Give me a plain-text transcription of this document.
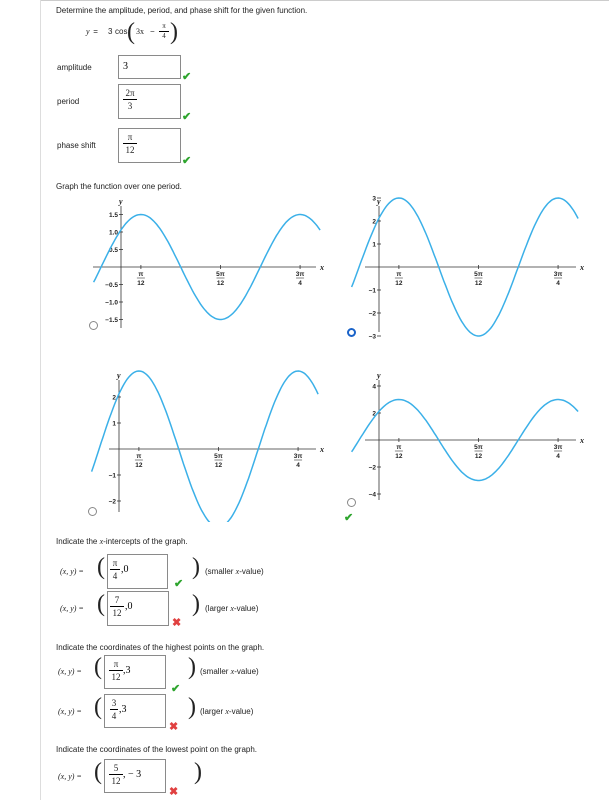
Determine the amplitude, period, and phase shift for the given function.
y = 3 cos ( 3x −
π
4 )
amplitude	3
✔
period
2π
3
✔
phase shift
π
12
✔
Graph the function over one period.
y
x
1.5
1.0
0.5
−0.5
−1.0
−1.5
π
12
5π
12
3π
4
y
x
3
2
1
−1
−2
−3
π
12
5π
12
3π
4
y
x
2
1
−1
−2
π
12
5π
12
3π
4
y
x
4
2
−2
−4
π
12
5π
12
3π
4
✔
Indicate the x-intercepts of the graph.
(x, y) = ( π
4
,0	) (smaller x-value)
✔
(x, y) = (	7
12
,0 ) (larger x-value)
✖
Indicate the coordinates of the highest points on the graph.
(x, y) = (	π
12
,3 ) (smaller x-value)
✔
(x, y) = ( 3
4
,3	) (larger x-value)
✖
Indicate the coordinates of the lowest point on the graph.
(x, y) = (	5
12
, − 3 )
✖
